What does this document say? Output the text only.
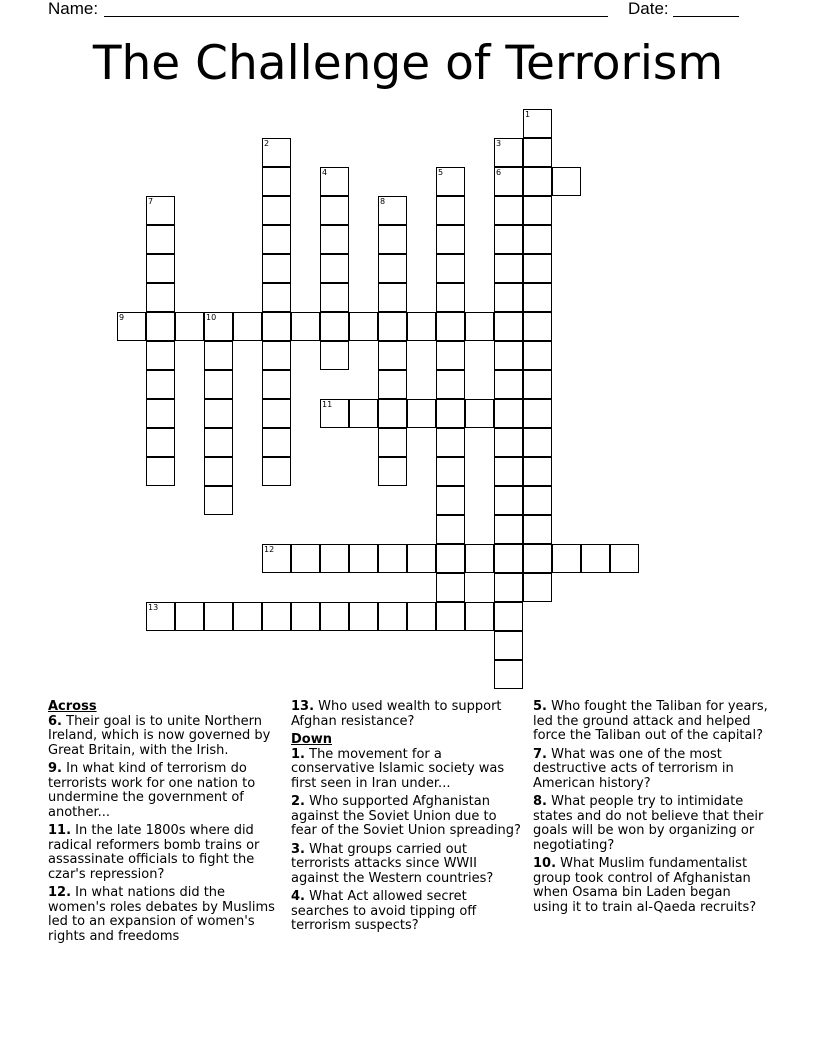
Name:	Date:
The Challenge of Terrorism
1
2	3
6
4	5
7	8
9	10
11
12
13
Across
6. Their goal is to unite Northern Ireland, which is now governed by Great Britain, with the Irish.
9. In what kind of terrorism do terrorists work for one nation to undermine the government of another...
11. In the late 1800s where did radical reformers bomb trains or assassinate officials to fight the czar's repression?
12. In what nations did the women's roles debates by Muslims led to an expansion of women's rights and freedoms
13. Who used wealth to support Afghan resistance?
Down
1. The movement for a conservative Islamic society was first seen in Iran under...
2. Who supported Afghanistan against the Soviet Union due to fear of the Soviet Union spreading?
3. What groups carried out terrorists attacks since WWII against the Western countries?
4. What Act allowed secret searches to avoid tipping off terrorism suspects?
5. Who fought the Taliban for years, led the ground attack and helped force the Taliban out of the capital?
7. What was one of the most destructive acts of terrorism in American history?
8. What people try to intimidate states and do not believe that their goals will be won by organizing or negotiating?
10. What Muslim fundamentalist group took control of Afghanistan when Osama bin Laden began using it to train al-Qaeda recruits?
